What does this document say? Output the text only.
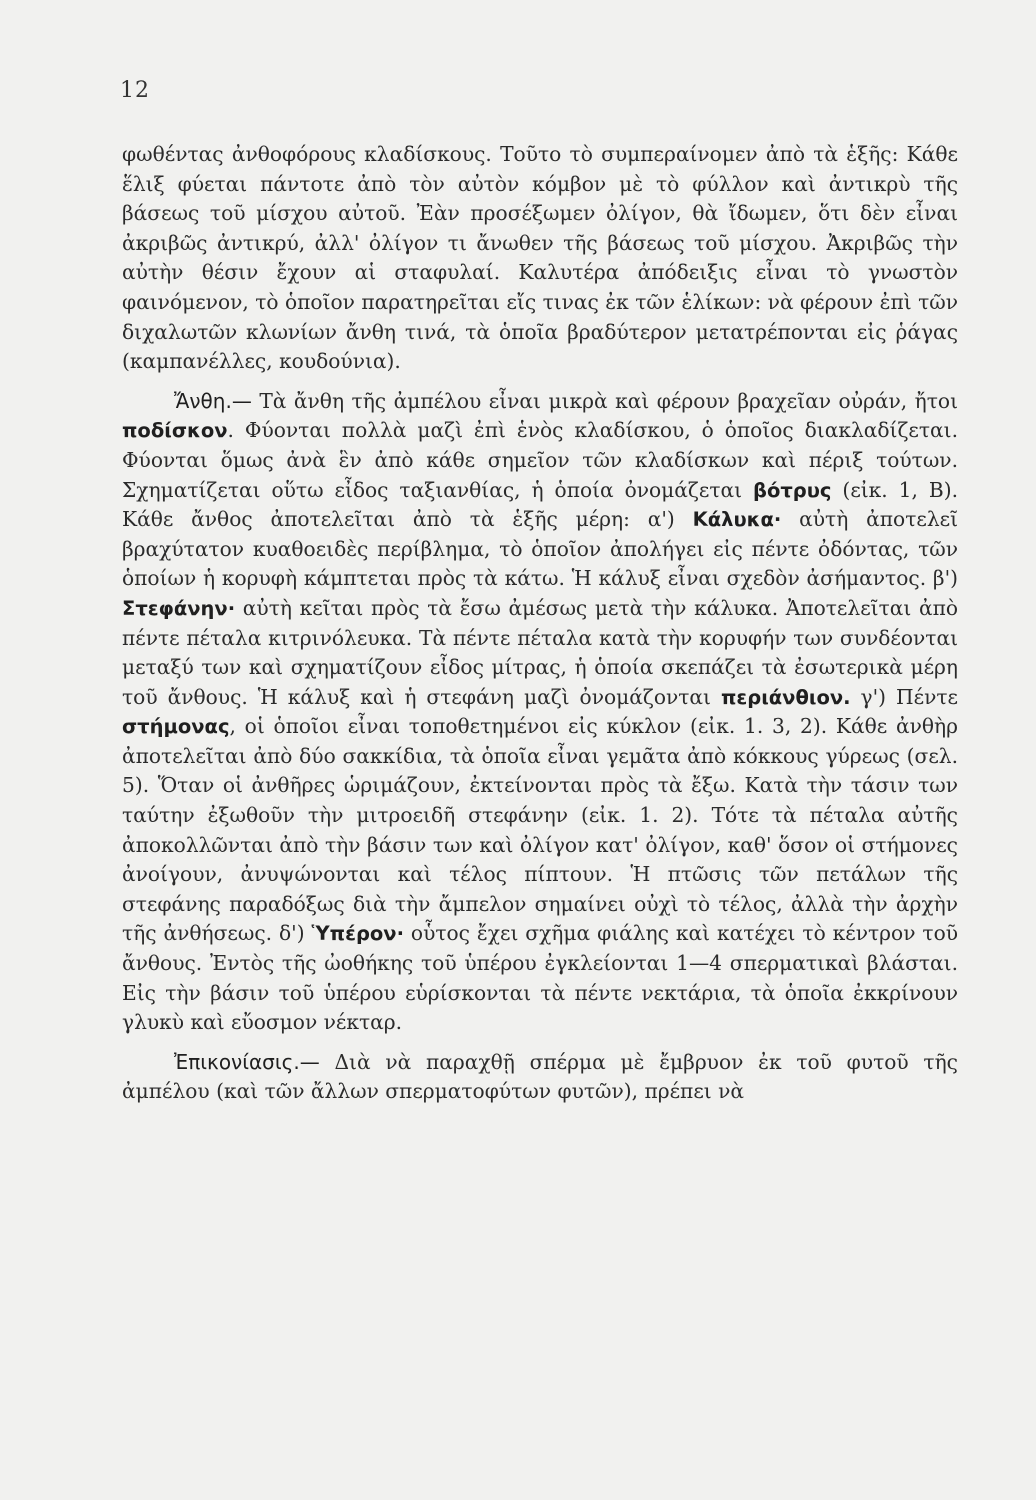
12

φωθέντας ἀνθοφόρους κλαδίσκους. Τοῦτο τὸ συμπεραίνομεν ἀπὸ τὰ ἑξῆς: Κάθε ἕλιξ φύεται πάντοτε ἀπὸ τὸν αὐτὸν κόμβον μὲ τὸ φύλλον καὶ ἀντικρὺ τῆς βάσεως τοῦ μίσχου αὐτοῦ. Ἐὰν προσέξωμεν ὀλίγον, θὰ ἴδωμεν, ὅτι δὲν εἶναι ἀκριβῶς ἀντικρύ, ἀλλ' ὀλίγον τι ἄνωθεν τῆς βάσεως τοῦ μίσχου. Ἀκριβῶς τὴν αὐτὴν θέσιν ἔχουν αἱ σταφυλαί. Καλυτέρα ἀπόδειξις εἶναι τὸ γνωστὸν φαινόμενον, τὸ ὁποῖον παρατηρεῖται εἴς τινας ἐκ τῶν ἑλίκων: νὰ φέρουν ἐπὶ τῶν διχαλωτῶν κλωνίων ἄνθη τινά, τὰ ὁποῖα βραδύτερον μετατρέπονται εἰς ῥάγας (καμπανέλλες, κουδούνια).

Ἄνθη.— Τὰ ἄνθη τῆς ἀμπέλου εἶναι μικρὰ καὶ φέρουν βραχεῖαν οὐράν, ἤτοι ποδίσκον. Φύονται πολλὰ μαζὶ ἐπὶ ἑνὸς κλαδίσκου, ὁ ὁποῖος διακλαδίζεται. Φύονται ὅμως ἀνὰ ἓν ἀπὸ κάθε σημεῖον τῶν κλαδίσκων καὶ πέριξ τούτων. Σχηματίζεται οὕτω εἶδος ταξιανθίας, ἡ ὁποία ὀνομάζεται βότρυς (εἰκ. 1, Β). Κάθε ἄνθος ἀποτελεῖται ἀπὸ τὰ ἑξῆς μέρη: α') Κάλυκα· αὐτὴ ἀποτελεῖ βραχύτατον κυαθοειδὲς περίβλημα, τὸ ὁποῖον ἀπολήγει εἰς πέντε ὀδόντας, τῶν ὁποίων ἡ κορυφὴ κάμπτεται πρὸς τὰ κάτω. Ἡ κάλυξ εἶναι σχεδὸν ἀσήμαντος. β') Στεφάνην· αὐτὴ κεῖται πρὸς τὰ ἔσω ἀμέσως μετὰ τὴν κάλυκα. Ἀποτελεῖται ἀπὸ πέντε πέταλα κιτρινόλευκα. Τὰ πέντε πέταλα κατὰ τὴν κορυφήν των συνδέονται μεταξύ των καὶ σχηματίζουν εἶδος μίτρας, ἡ ὁποία σκεπάζει τὰ ἐσωτερικὰ μέρη τοῦ ἄνθους. Ἡ κάλυξ καὶ ἡ στεφάνη μαζὶ ὀνομάζονται περιάνθιον. γ') Πέντε στήμονας, οἱ ὁποῖοι εἶναι τοποθετημένοι εἰς κύκλον (εἰκ. 1. 3, 2). Κάθε ἀνθὴρ ἀποτελεῖται ἀπὸ δύο σακκίδια, τὰ ὁποῖα εἶναι γεμᾶτα ἀπὸ κόκκους γύρεως (σελ. 5). Ὅταν οἱ ἀνθῆρες ὡριμάζουν, ἐκτείνονται πρὸς τὰ ἔξω. Κατὰ τὴν τάσιν των ταύτην ἐξωθοῦν τὴν μιτροειδῆ στεφάνην (εἰκ. 1. 2). Τότε τὰ πέταλα αὐτῆς ἀποκολλῶνται ἀπὸ τὴν βάσιν των καὶ ὀλίγον κατ' ὀλίγον, καθ' ὅσον οἱ στήμονες ἀνοίγουν, ἀνυψώνονται καὶ τέλος πίπτουν. Ἡ πτῶσις τῶν πετάλων τῆς στεφάνης παραδόξως διὰ τὴν ἄμπελον σημαίνει οὐχὶ τὸ τέλος, ἀλλὰ τὴν ἀρχὴν τῆς ἀνθήσεως. δ') Ὑπέρον· οὗτος ἔχει σχῆμα φιάλης καὶ κατέχει τὸ κέντρον τοῦ ἄνθους. Ἐντὸς τῆς ὠοθήκης τοῦ ὑπέρου ἐγκλείονται 1—4 σπερματικαὶ βλάσται. Εἰς τὴν βάσιν τοῦ ὑπέρου εὑρίσκονται τὰ πέντε νεκτάρια, τὰ ὁποῖα ἐκκρίνουν γλυκὺ καὶ εὔοσμον νέκταρ.

Ἐπικονίασις.— Διὰ νὰ παραχθῇ σπέρμα μὲ ἔμβρυον ἐκ τοῦ φυτοῦ τῆς ἀμπέλου (καὶ τῶν ἄλλων σπερματοφύτων φυτῶν), πρέπει νὰ
